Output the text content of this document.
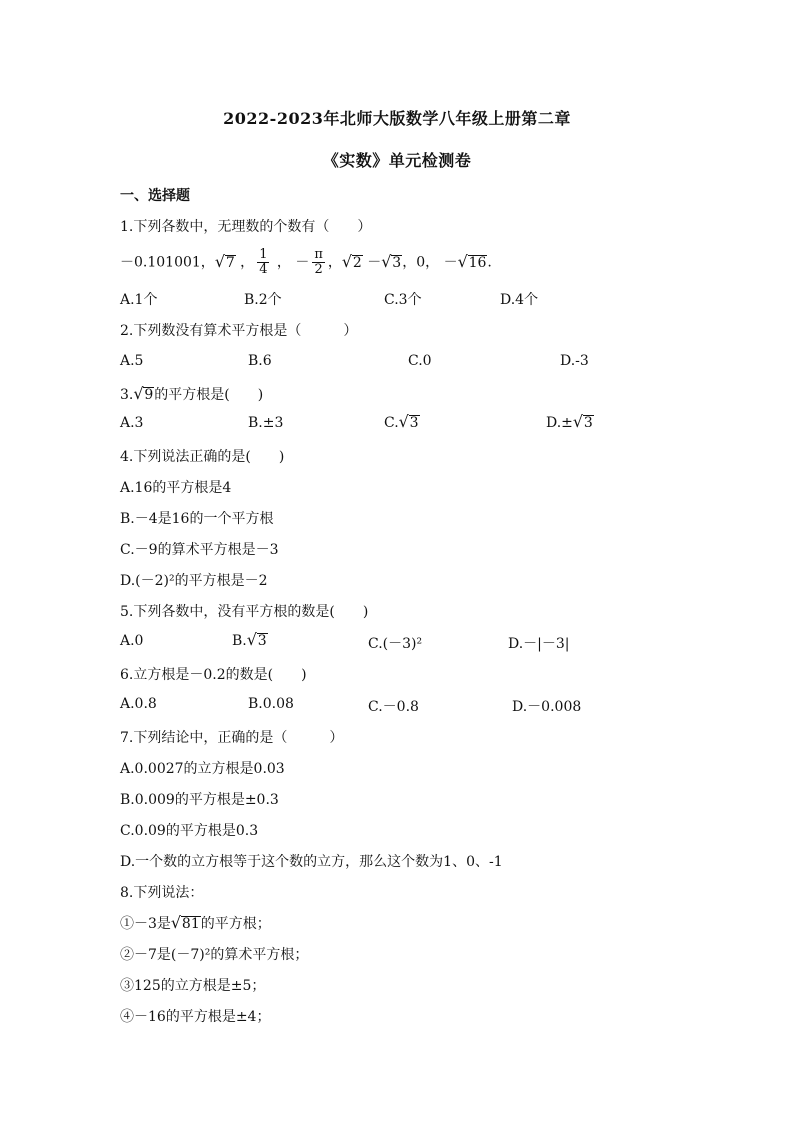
2022-2023年北师大版数学八年级上册第二章
《实数》单元检测卷
一、选择题
1.下列各数中，无理数的个数有（　　）
－0.101001， √ 7 ， $\frac{1}{4}$ ， － $\frac{\pi}{2}$ ， √ 2 － √ 3，0， － √ 16.
A.1个	B.2个	C.3个	D.4个
2.下列数没有算术平方根是（　　　）
A.5	B.6	C.0	D.-3
3. √ 9的平方根是(　　)
A.3	B.±3	C. √ 3	D.± √ 3
4.下列说法正确的是(　　)
A.16的平方根是4
B.－4是16的一个平方根
C.－9的算术平方根是－3
D.(－2)²的平方根是－2
5.下列各数中，没有平方根的数是(　　)
A.0	B. √ 3	C.(－3)²	D.－|－3|
6.立方根是－0.2的数是(　　)
A.0.8	B.0.08	C.－0.8	D.－0.008
7.下列结论中，正确的是（　　　）
A.0.0027的立方根是0.03
B.0.009的平方根是±0.3
C.0.09的平方根是0.3
D.一个数的立方根等于这个数的立方，那么这个数为1、0、-1
8.下列说法：
①－3是 √ 81的平方根；
②－7是(－7)²的算术平方根；
③125的立方根是±5；
④－16的平方根是±4；
